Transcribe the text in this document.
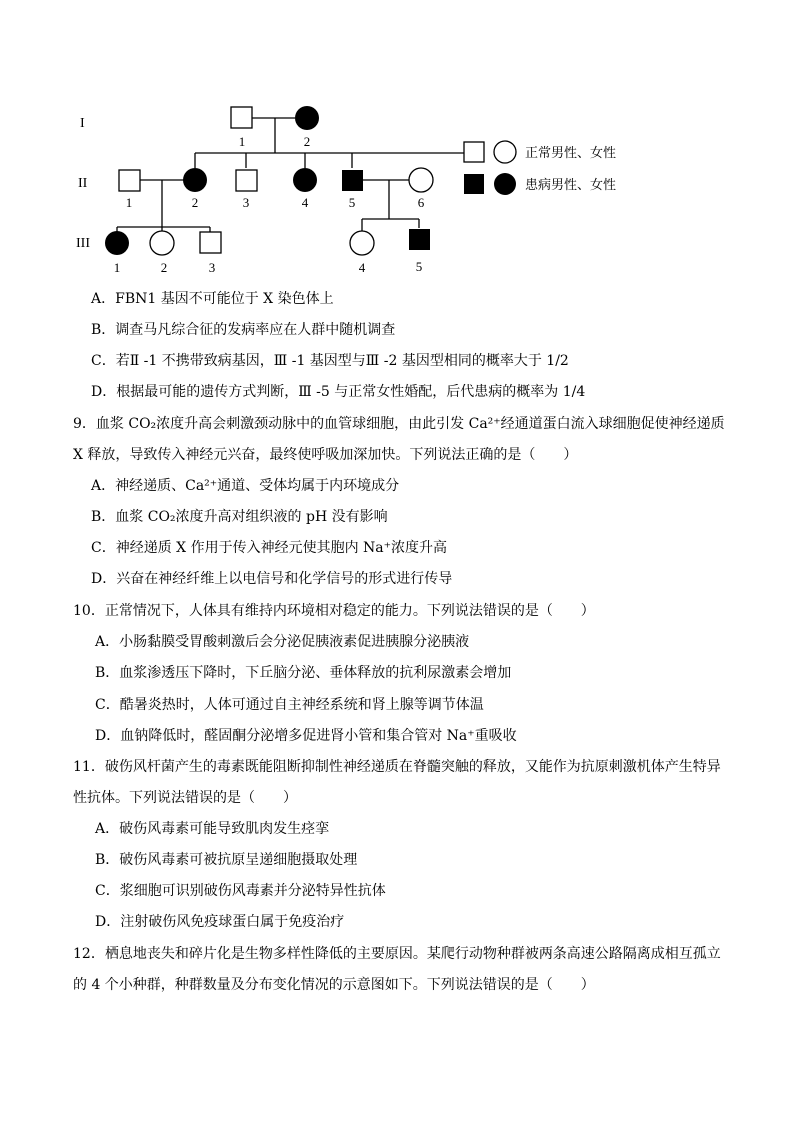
I
II
III
1	2
1	2	3	4	5	6
1	2	3	4	5
正常男性、女性
患病男性、女性
A．FBN1 基因不可能位于 X 染色体上
B．调查马凡综合征的发病率应在人群中随机调查
C．若Ⅱ -1 不携带致病基因，Ⅲ -1 基因型与Ⅲ -2 基因型相同的概率大于 1/2
D．根据最可能的遗传方式判断，Ⅲ -5 与正常女性婚配，后代患病的概率为 1/4
9．血浆 CO₂浓度升高会刺激颈动脉中的血管球细胞，由此引发 Ca²⁺经通道蛋白流入球细胞促使神经递质
X 释放，导致传入神经元兴奋，最终使呼吸加深加快。下列说法正确的是（　　）
A．神经递质、Ca²⁺通道、受体均属于内环境成分
B．血浆 CO₂浓度升高对组织液的 pH 没有影响
C．神经递质 X 作用于传入神经元使其胞内 Na⁺浓度升高
D．兴奋在神经纤维上以电信号和化学信号的形式进行传导
10．正常情况下，人体具有维持内环境相对稳定的能力。下列说法错误的是（　　）
A．小肠黏膜受胃酸刺激后会分泌促胰液素促进胰腺分泌胰液
B．血浆渗透压下降时，下丘脑分泌、垂体释放的抗利尿激素会增加
C．酷暑炎热时，人体可通过自主神经系统和肾上腺等调节体温
D．血钠降低时，醛固酮分泌增多促进肾小管和集合管对 Na⁺重吸收
11．破伤风杆菌产生的毒素既能阻断抑制性神经递质在脊髓突触的释放，又能作为抗原刺激机体产生特异
性抗体。下列说法错误的是（　　）
A．破伤风毒素可能导致肌肉发生痉挛
B．破伤风毒素可被抗原呈递细胞摄取处理
C．浆细胞可识别破伤风毒素并分泌特异性抗体
D．注射破伤风免疫球蛋白属于免疫治疗
12．栖息地丧失和碎片化是生物多样性降低的主要原因。某爬行动物种群被两条高速公路隔离成相互孤立
的 4 个小种群，种群数量及分布变化情况的示意图如下。下列说法错误的是（　　）
